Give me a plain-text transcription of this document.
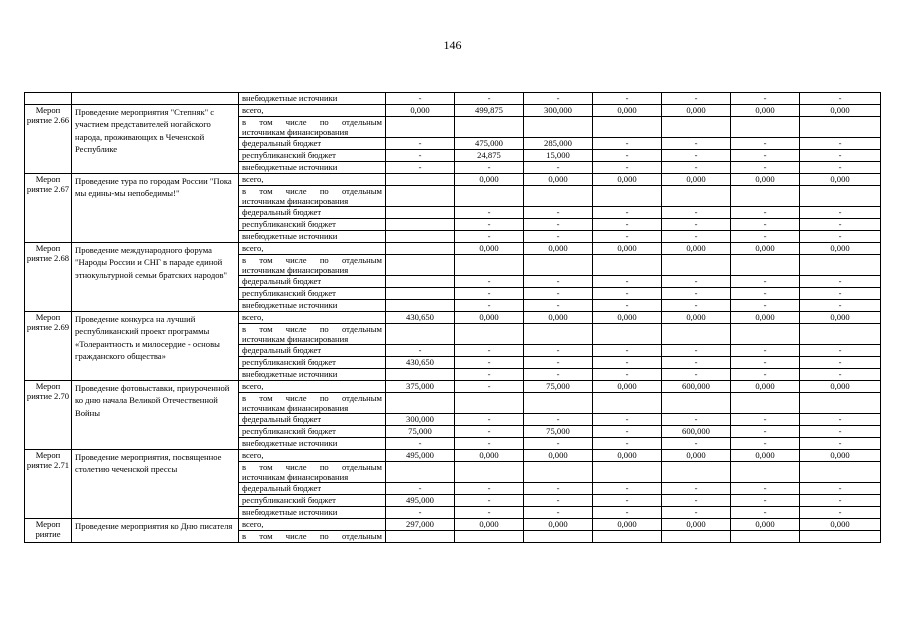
146
		внебюджетные источники	-	-	-	-	-	-	-
Мероп риятие 2.66	Проведение мероприятия "Степняк" с участием представителей ногайского народа, проживающих в Чеченской Республике	всего,	0,000	499,875	300,000	0,000	0,000	0,000	0,000
		в том числе по отдельным
источникам финансирования							

		федеральный бюджет	-	475,000	285,000	-	-	-	-
		республиканский бюджет	-	24,875	15,000	-	-	-	-
		внебюджетные источники	-	-	-	-	-	-	-
Мероп риятие 2.67	Проведение тура по городам России "Пока мы едины-мы непобедимы!"	всего,		0,000	0,000	0,000	0,000	0,000	0,000
		в том числе по отдельным
источникам финансирования							

		федеральный бюджет		-	-	-	-	-	-
		республиканский бюджет		-	-	-	-	-	-
		внебюджетные источники		-	-	-	-	-	-
Мероп риятие 2.68	Проведение международного форума "Народы России и СНГ в параде единой этнокультурной семьи братских народов"	всего,		0,000	0,000	0,000	0,000	0,000	0,000
		в том числе по отдельным
источникам финансирования							

		федеральный бюджет		-	-	-	-	-	-
		республиканский бюджет		-	-	-	-	-	-
		внебюджетные источники		-	-	-	-	-	-
Мероп риятие 2.69	Проведение конкурса на лучший республиканский проект программы «Толерантность и милосердие - основы гражданского общества»	всего,	430,650	0,000	0,000	0,000	0,000	0,000	0,000
		в том числе по отдельным
источникам финансирования							

		федеральный бюджет	-	-	-	-	-	-	-
		республиканский бюджет	430,650	-	-	-	-	-	-
		внебюджетные источники		-	-	-	-	-	-
Мероп риятие 2.70	Проведение фотовыставки, приуроченной ко дню начала Великой Отечественной Войны	всего,	375,000	-	75,000	0,000	600,000	0,000	0,000
		в том числе по отдельным
источникам финансирования							

		федеральный бюджет	300,000	-	-	-	-	-	-
		республиканский бюджет	75,000	-	75,000	-	600,000	-	-
		внебюджетные источники	-	-	-	-	-	-	-
Мероп риятие 2.71	Проведение мероприятия, посвященное столетию чеченской прессы	всего,	495,000	0,000	0,000	0,000	0,000	0,000	0,000
		в том числе по отдельным
источникам финансирования							

		федеральный бюджет	-	-	-	-	-	-	-
		республиканский бюджет	495,000	-	-	-	-	-	-
		внебюджетные источники	-	-	-	-	-	-	-
Мероп риятие	Проведение мероприятия ко Дню писателя	всего,	297,000	0,000	0,000	0,000	0,000	0,000	0,000
		в том числе по отдельным							
